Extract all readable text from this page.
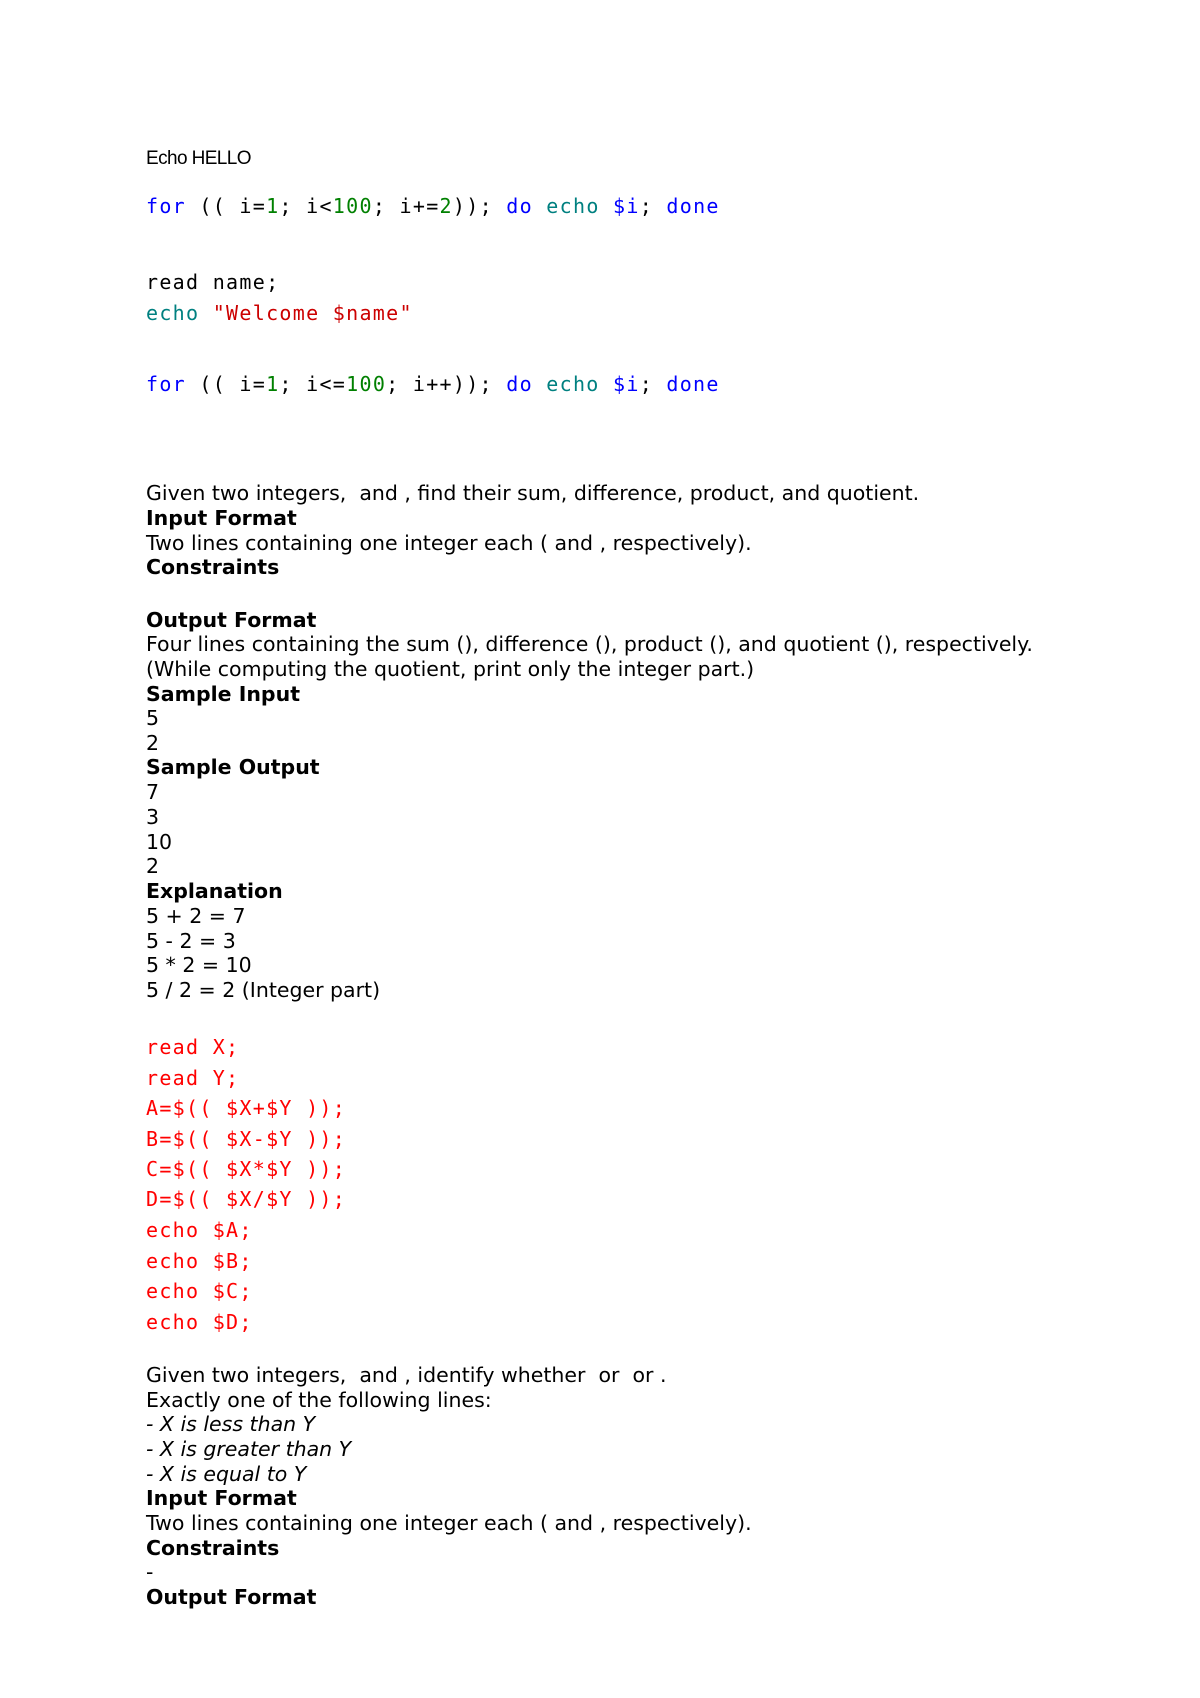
Echo HELLO
for (( i=1; i<100; i+=2)); do echo $i; done
read name;
echo "Welcome $name"
for (( i=1; i<=100; i++)); do echo $i; done
Given two integers,  and , find their sum, difference, product, and quotient.
Input Format
Two lines containing one integer each ( and , respectively).
Constraints
Output Format
Four lines containing the sum (), difference (), product (), and quotient (), respectively.
(While computing the quotient, print only the integer part.)
Sample Input
5
2
Sample Output
7
3
10
2
Explanation
5 + 2 = 7
5 - 2 = 3
5 * 2 = 10
5 / 2 = 2 (Integer part)
read X;
read Y;
A=$(( $X+$Y ));
B=$(( $X-$Y ));
C=$(( $X*$Y ));
D=$(( $X/$Y ));
echo $A;
echo $B;
echo $C;
echo $D;
Given two integers,  and , identify whether  or  or .
Exactly one of the following lines:
- X is less than Y
- X is greater than Y
- X is equal to Y
Input Format
Two lines containing one integer each ( and , respectively).
Constraints
-
Output Format
